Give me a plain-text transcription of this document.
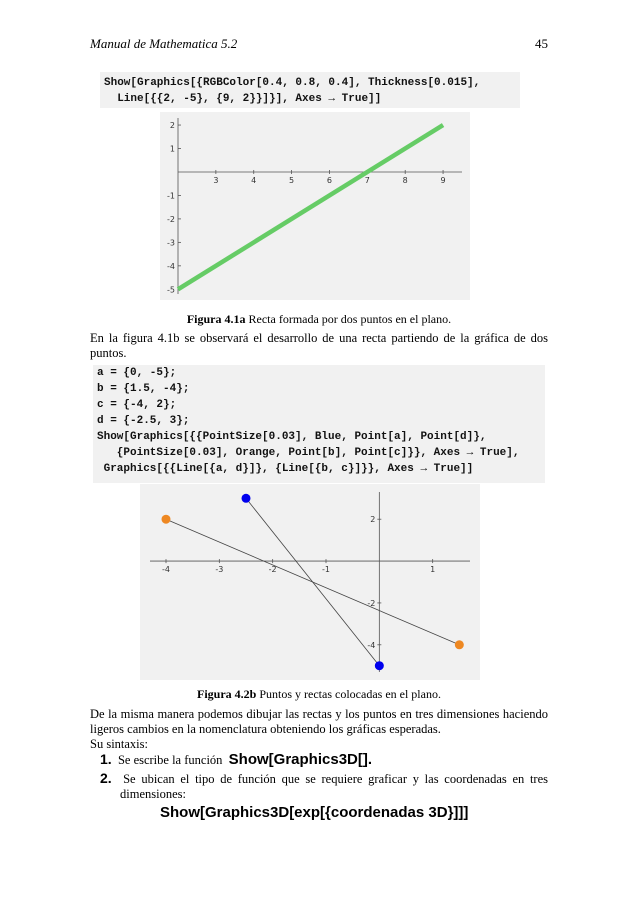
Manual de Mathematica 5.2	45
Show[Graphics[{RGBColor[0.4, 0.8, 0.4], Thickness[0.015],
Line[{{2, -5}, {9, 2}}]}], Axes → True]]
3	4	5	6	7	8	9
2
1
-1
-2
-3
-4
-5
Figura 4.1a Recta formada por dos puntos en el plano.
En la figura 4.1b se observará el desarrollo de una recta partiendo de la gráfica de dos puntos.
a = {0, -5};
b = {1.5, -4};
c = {-4, 2};
d = {-2.5, 3};
Show[Graphics[{{PointSize[0.03], Blue, Point[a], Point[d]},
{PointSize[0.03], Orange, Point[b], Point[c]}}, Axes → True],
Graphics[{{Line[{a, d}]}, {Line[{b, c}]}}, Axes → True]]
-4	-3	-2	-1	1
2
-2
-4
Figura 4.2b Puntos y rectas colocadas en el plano.
De la misma manera podemos dibujar las rectas y los puntos en tres dimensiones haciendo ligeros cambios en la nomenclatura obteniendo los gráficas esperadas.
Su sintaxis:
1. Se escribe la función Show[Graphics3D[].
2. Se ubican el tipo de función que se requiere graficar y las coordenadas en tres dimensiones:
Show[Graphics3D[exp[{coordenadas 3D}]]]
